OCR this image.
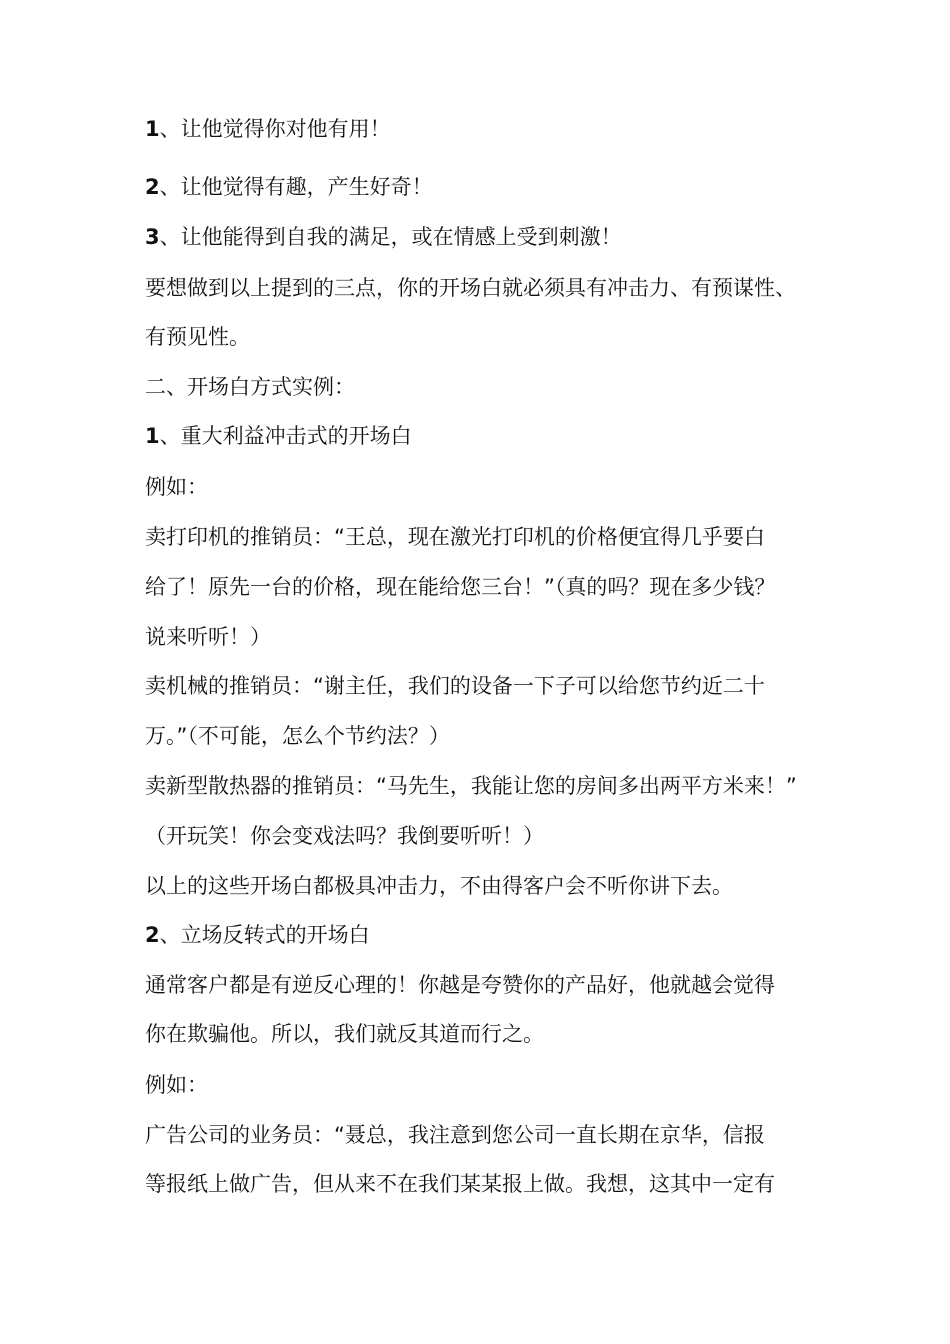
1、让他觉得你对他有用！

2、让他觉得有趣，产生好奇！

3、让他能得到自我的满足，或在情感上受到刺激！

要想做到以上提到的三点，你的开场白就必须具有冲击力、有预谋性、

有预见性。

二、开场白方式实例：

1、重大利益冲击式的开场白

例如：

卖打印机的推销员：“王总，现在激光打印机的价格便宜得几乎要白

给了！原先一台的价格，现在能给您三台！”（真的吗？现在多少钱？

说来听听！）

卖机械的推销员：“谢主任，我们的设备一下子可以给您节约近二十

万。”（不可能，怎么个节约法？）

卖新型散热器的推销员：“马先生，我能让您的房间多出两平方米来！”

（开玩笑！你会变戏法吗？我倒要听听！）

以上的这些开场白都极具冲击力，不由得客户会不听你讲下去。

2、立场反转式的开场白

通常客户都是有逆反心理的！你越是夸赞你的产品好，他就越会觉得

你在欺骗他。所以，我们就反其道而行之。

例如：

广告公司的业务员：“聂总，我注意到您公司一直长期在京华，信报

等报纸上做广告，但从来不在我们某某报上做。我想，这其中一定有
